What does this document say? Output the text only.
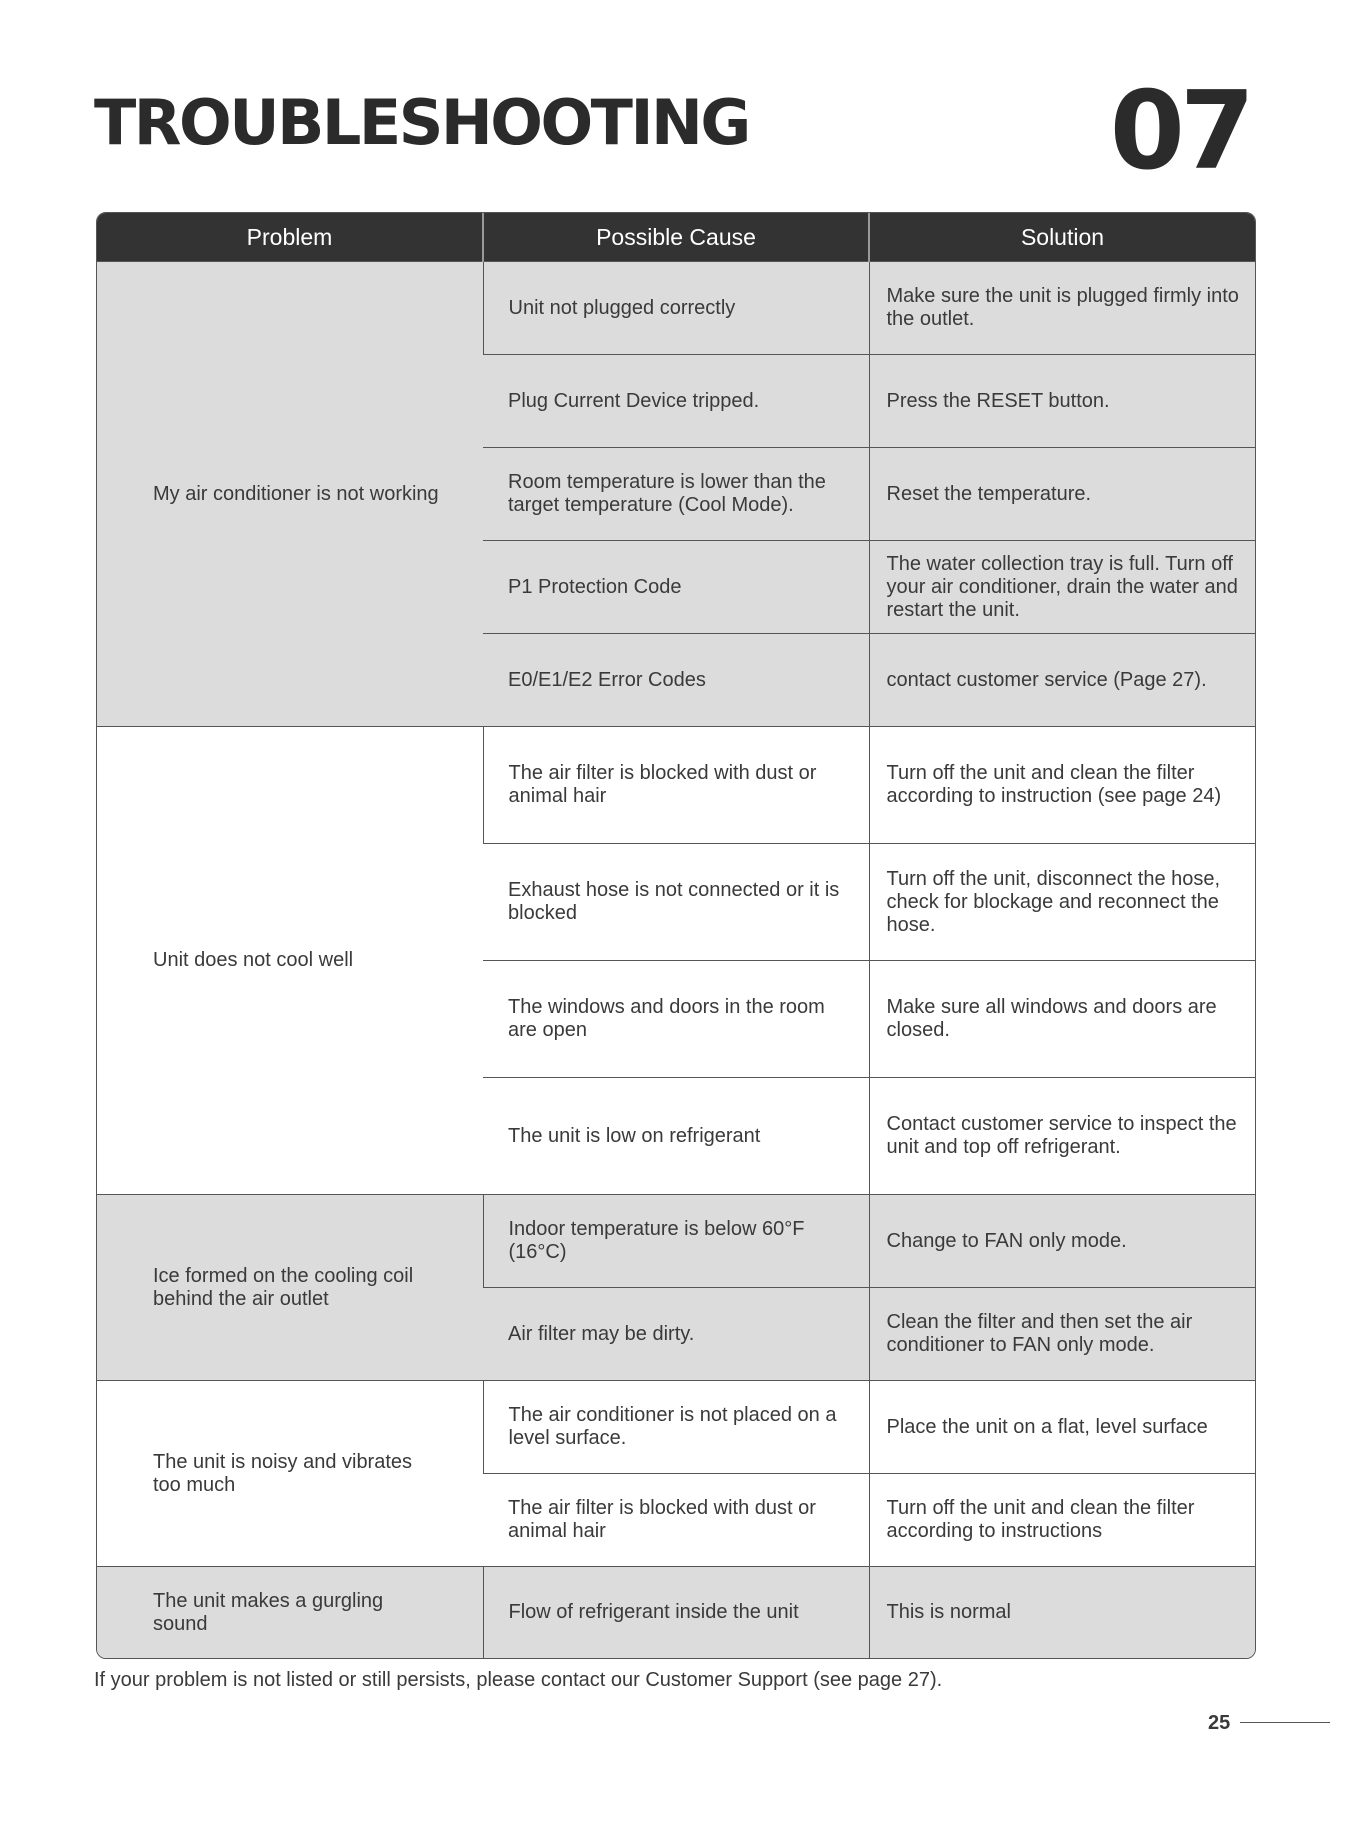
TROUBLESHOOTING	07
Problem	Possible Cause	Solution
My air conditioner is not working	Unit not plugged correctly	Make sure the unit is plugged firmly into the outlet.
	Plug Current Device tripped.	Press the RESET button.
	Room temperature is lower than the target temperature (Cool Mode).	Reset the temperature.
	P1 Protection Code	The water collection tray is full. Turn off your air conditioner, drain the water and restart the unit.
	E0/E1/E2 Error Codes	contact customer service (Page 27).
Unit does not cool well	The air filter is blocked with dust or animal hair	Turn off the unit and clean the filter according to instruction (see page 24)
	Exhaust hose is not connected or it is blocked	Turn off the unit, disconnect the hose, check for blockage and reconnect the hose.
	The windows and doors in the room are open	Make sure all windows and doors are closed.
	The unit is low on refrigerant	Contact customer service to inspect the unit and top off refrigerant.
Ice formed on the cooling coil behind the air outlet	Indoor temperature is below 60°F (16°C)	Change to FAN only mode.
	Air filter may be dirty.	Clean the filter and then set the air conditioner to FAN only mode.
The unit is noisy and vibrates too much	The air conditioner is not placed on a level surface.	Place the unit on a flat, level surface
	The air filter is blocked with dust or animal hair	Turn off the unit and clean the filter according to instructions
The unit makes a gurgling sound	Flow of refrigerant inside the unit	This is normal
If your problem is not listed or still persists, please contact our Customer Support (see page 27).
25
